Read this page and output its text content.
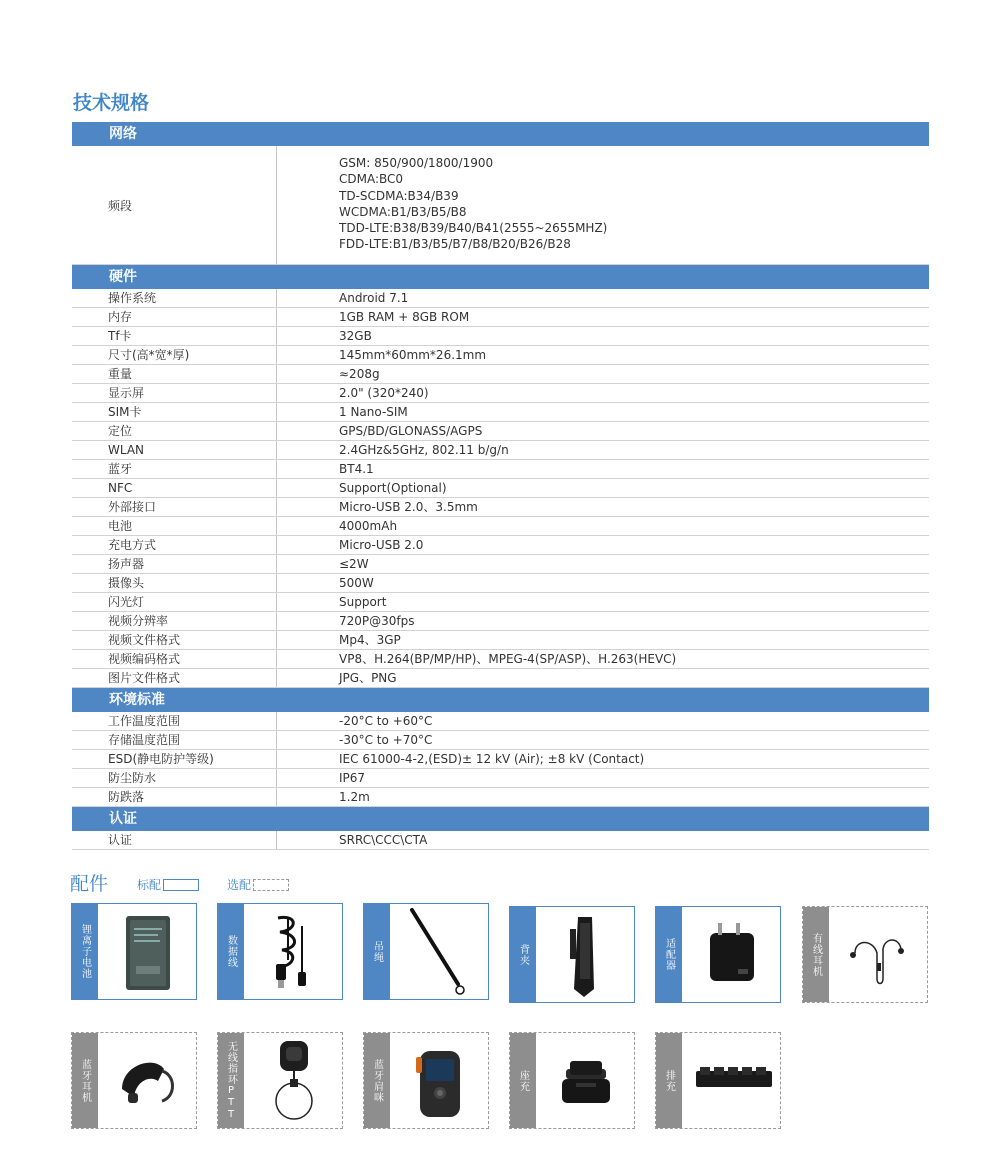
技术规格
网络
频段
GSM: 850/900/1800/1900
CDMA:BC0
TD-SCDMA:B34/B39
WCDMA:B1/B3/B5/B8
TDD-LTE:B38/B39/B40/B41(2555~2655MHZ)
FDD-LTE:B1/B3/B5/B7/B8/B20/B26/B28
硬件
操作系统	Android 7.1
内存	1GB RAM + 8GB ROM
Tf卡	32GB
尺寸(高*宽*厚)	145mm*60mm*26.1mm
重量	≈208g
显示屏	2.0" (320*240)
SIM卡	1 Nano-SIM
定位	GPS/BD/GLONASS/AGPS
WLAN	2.4GHz&5GHz, 802.11 b/g/n
蓝牙	BT4.1
NFC	Support(Optional)
外部接口	Micro-USB 2.0、3.5mm
电池	4000mAh
充电方式	Micro-USB 2.0
扬声器	≤2W
摄像头	500W
闪光灯	Support
视频分辨率	720P@30fps
视频文件格式	Mp4、3GP
视频编码格式	VP8、H.264(BP/MP/HP)、MPEG-4(SP/ASP)、H.263(HEVC)
图片文件格式	JPG、PNG
环境标准
工作温度范围	-20°C to +60°C
存储温度范围	-30°C to +70°C
ESD(静电防护等级)	IEC 61000-4-2,(ESD)± 12 kV (Air); ±8 kV (Contact)
防尘防水	IP67
防跌落	1.2m
认证
认证	SRRC\CCC\CTA
配件 标配	选配
锂离子电池	数据线	吊绳	背夹	适配器	有线耳机
蓝牙耳机	无线指环PTT	蓝牙肩咪	座充	排充
